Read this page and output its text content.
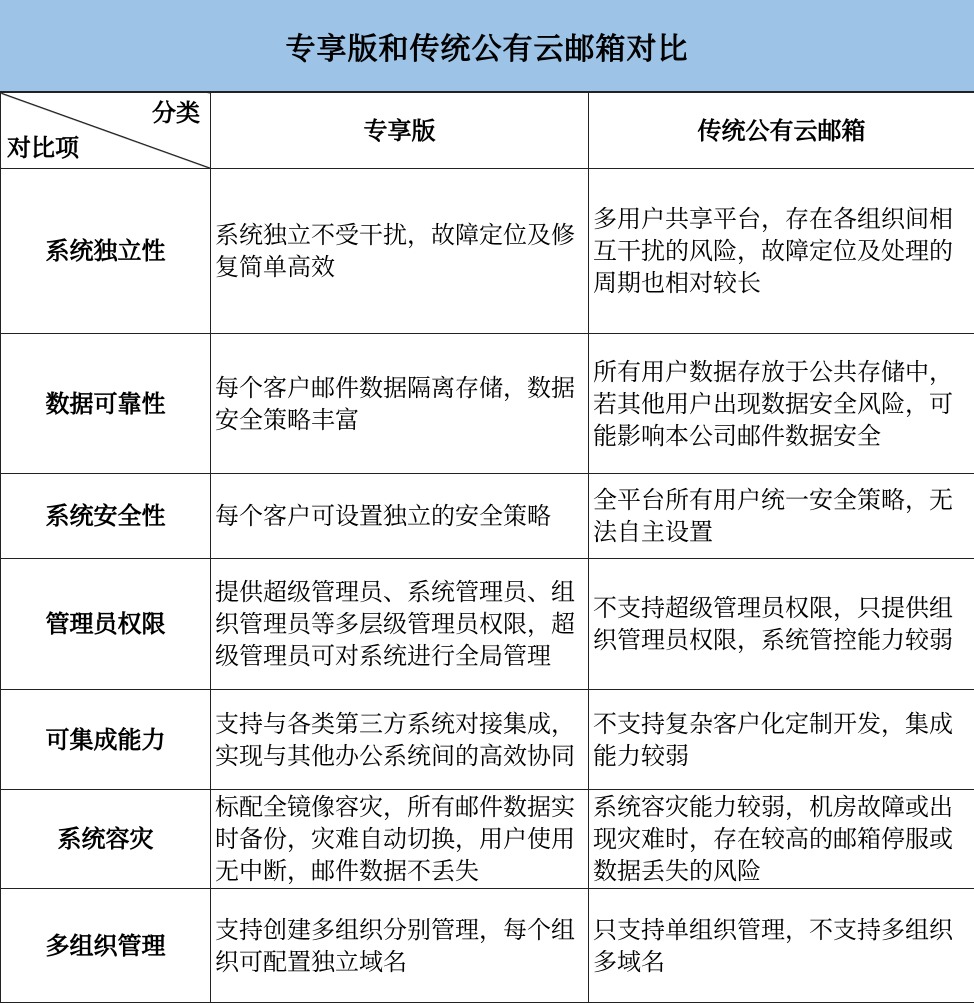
专享版和传统公有云邮箱对比
分类
对比项	专享版	传统公有云邮箱
系统独立性	系统独立不受干扰，故障定位及修复简单高效	多用户共享平台，存在各组织间相互干扰的风险，故障定位及处理的周期也相对较长
数据可靠性	每个客户邮件数据隔离存储，数据安全策略丰富	所有用户数据存放于公共存储中，若其他用户出现数据安全风险，可能影响本公司邮件数据安全
系统安全性	每个客户可设置独立的安全策略	全平台所有用户统一安全策略，无法自主设置
管理员权限	提供超级管理员、系统管理员、组织管理员等多层级管理员权限，超级管理员可对系统进行全局管理	不支持超级管理员权限，只提供组织管理员权限，系统管控能力较弱
可集成能力	支持与各类第三方系统对接集成，实现与其他办公系统间的高效协同	不支持复杂客户化定制开发，集成能力较弱
系统容灾	标配全镜像容灾，所有邮件数据实时备份，灾难自动切换，用户使用无中断，邮件数据不丢失	系统容灾能力较弱，机房故障或出现灾难时，存在较高的邮箱停服或数据丢失的风险
多组织管理	支持创建多组织分别管理，每个组织可配置独立域名	只支持单组织管理，不支持多组织多域名
